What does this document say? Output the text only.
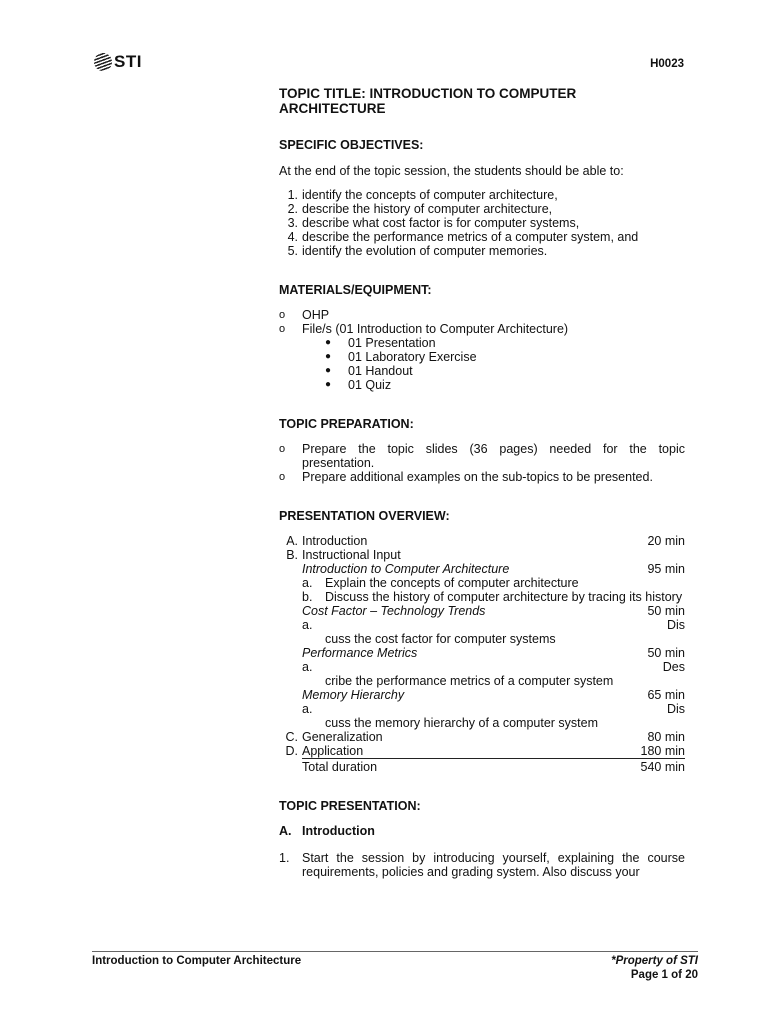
STI	H0023

TOPIC TITLE: INTRODUCTION TO COMPUTER
ARCHITECTURE

SPECIFIC OBJECTIVES:

At the end of the topic session, the students should be able to:

1. identify the concepts of computer architecture,
2. describe the history of computer architecture,
3. describe what cost factor is for computer systems,
4. describe the performance metrics of a computer system, and
5. identify the evolution of computer memories.

MATERIALS/EQUIPMENT:

o	OHP
o	File/s (01 Introduction to Computer Architecture)
●	01 Presentation
●	01 Laboratory Exercise
●	01 Handout
●	01 Quiz

TOPIC PREPARATION:

o	Prepare the topic slides (36 pages) needed for the topic presentation.
o	Prepare additional examples on the sub-topics to be presented.

PRESENTATION OVERVIEW:

A. Introduction	20 min
B. Instructional Input
Introduction to Computer Architecture	95 min
a.	Explain the concepts of computer architecture
b.	Discuss the history of computer architecture by tracing its history
Cost Factor – Technology Trends	50 min
a.	Dis
cuss the cost factor for computer systems
Performance Metrics	50 min
a.	Des
cribe the performance metrics of a computer system
Memory Hierarchy	65 min
a.	Dis
cuss the memory hierarchy of a computer system
C. Generalization	80 min
D. Application	180 min
Total duration	540 min

TOPIC PRESENTATION:

A. Introduction
1.	Start the session by introducing yourself, explaining the course requirements, policies and grading system. Also discuss your
Introduction to Computer Architecture	*Property of STI
Page 1 of 20
